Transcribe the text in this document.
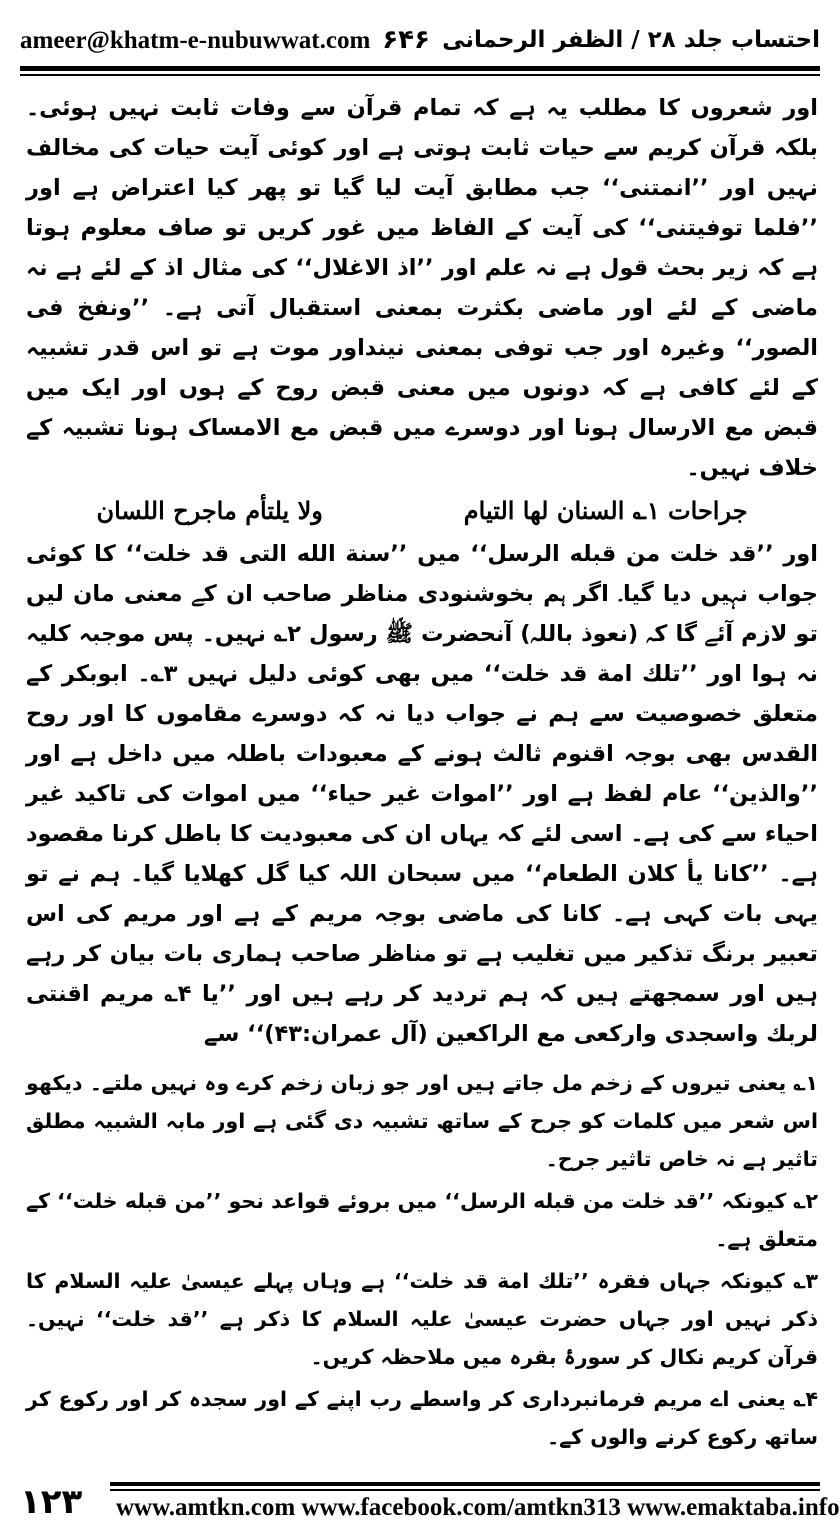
ameer@khatm-e-nubuwwat.com ۶۴۶ احتساب جلد ۲۸ / الظفر الرحمانی

اور شعروں کا مطلب یہ ہے کہ تمام قرآن سے وفات ثابت نہیں ہوئی۔ بلکہ قرآن کریم سے حیات ثابت ہوتی ہے اور کوئی آیت حیات کی مخالف نہیں اور ’’انمتنی‘‘ جب مطابق آیت لیا گیا تو پھر کیا اعتراض ہے اور ’’فلما توفیتنی‘‘ کی آیت کے الفاظ میں غور کریں تو صاف معلوم ہوتا ہے کہ زیر بحث قول ہے نہ علم اور ’’اذ الاغلال‘‘ کی مثال اذ کے لئے ہے نہ ماضی کے لئے اور ماضی بکثرت بمعنی استقبال آتی ہے۔ ’’ونفخ فی الصور‘‘ وغیرہ اور جب توفی بمعنی نینداور موت ہے تو اس قدر تشبیہ کے لئے کافی ہے کہ دونوں میں معنی قبض روح کے ہوں اور ایک میں قبض مع الارسال ہونا اور دوسرے میں قبض مع الامساک ہونا تشبیہ کے خلاف نہیں۔

جراحات ۱؎ السنان لها التیام
ولا یلتأم ماجرح اللسان

اور ’’قد خلت من قبله الرسل‘‘ میں ’’سنة الله التی قد خلت‘‘ کا کوئی جواب نہیں دیا گیا۔ اگر ہم بخوشنودی مناظر صاحب ان کے معنی مان لیں تو لازم آئے گا کہ (نعوذ باللہ) آنحضرت ﷺ رسول ۲؎ نہیں۔ پس موجبہ کلیہ نہ ہوا اور ’’تلك امة قد خلت‘‘ میں بھی کوئی دلیل نہیں ۳؎۔ ابوبکر کے متعلق خصوصیت سے ہم نے جواب دیا نہ کہ دوسرے مقاموں کا اور روح القدس بھی بوجہ اقنوم ثالث ہونے کے معبودات باطلہ میں داخل ہے اور ’’والذین‘‘ عام لفظ ہے اور ’’اموات غیر حیاء‘‘ میں اموات کی تاکید غیر احیاء سے کی ہے۔ اسی لئے کہ یہاں ان کی معبودیت کا باطل کرنا مقصود ہے۔ ’’کانا یأ کلان الطعام‘‘ میں سبحان اللہ کیا گل کھلایا گیا۔ ہم نے تو یہی بات کہی ہے۔ کانا کی ماضی بوجہ مریم کے ہے اور مریم کی اس تعبیر برنگ تذکیر میں تغلیب ہے تو مناظر صاحب ہماری بات بیان کر رہے ہیں اور سمجھتے ہیں کہ ہم تردید کر رہے ہیں اور ’’یا ۴؎ مریم اقنتی لربك واسجدی وارکعی مع الراکعین (آل عمران:۴۳)‘‘ سے

۱؎ یعنی تیروں کے زخم مل جاتے ہیں اور جو زبان زخم کرے وہ نہیں ملتے۔ دیکھو اس شعر میں کلمات کو جرح کے ساتھ تشبیہ دی گئی ہے اور مابہ الشبیہ مطلق تاثیر ہے نہ خاص تاثیر جرح۔

۲؎ کیونکہ ’’قد خلت من قبله الرسل‘‘ میں بروئے قواعد نحو ’’من قبله خلت‘‘ کے متعلق ہے۔

۳؎ کیونکہ جہاں فقرہ ’’تلك امة قد خلت‘‘ ہے وہاں پہلے عیسیٰ علیہ السلام کا ذکر نہیں اور جہاں حضرت عیسیٰ علیہ السلام کا ذکر ہے ’’قد خلت‘‘ نہیں۔ قرآن کریم نکال کر سورۂ بقرہ میں ملاحظہ کریں۔

۴؎ یعنی اے مریم فرمانبرداری کر واسطے رب اپنے کے اور سجدہ کر اور رکوع کر ساتھ رکوع کرنے والوں کے۔

۱۲۳ www.amtkn.com www.facebook.com/amtkn313 www.emaktaba.info
